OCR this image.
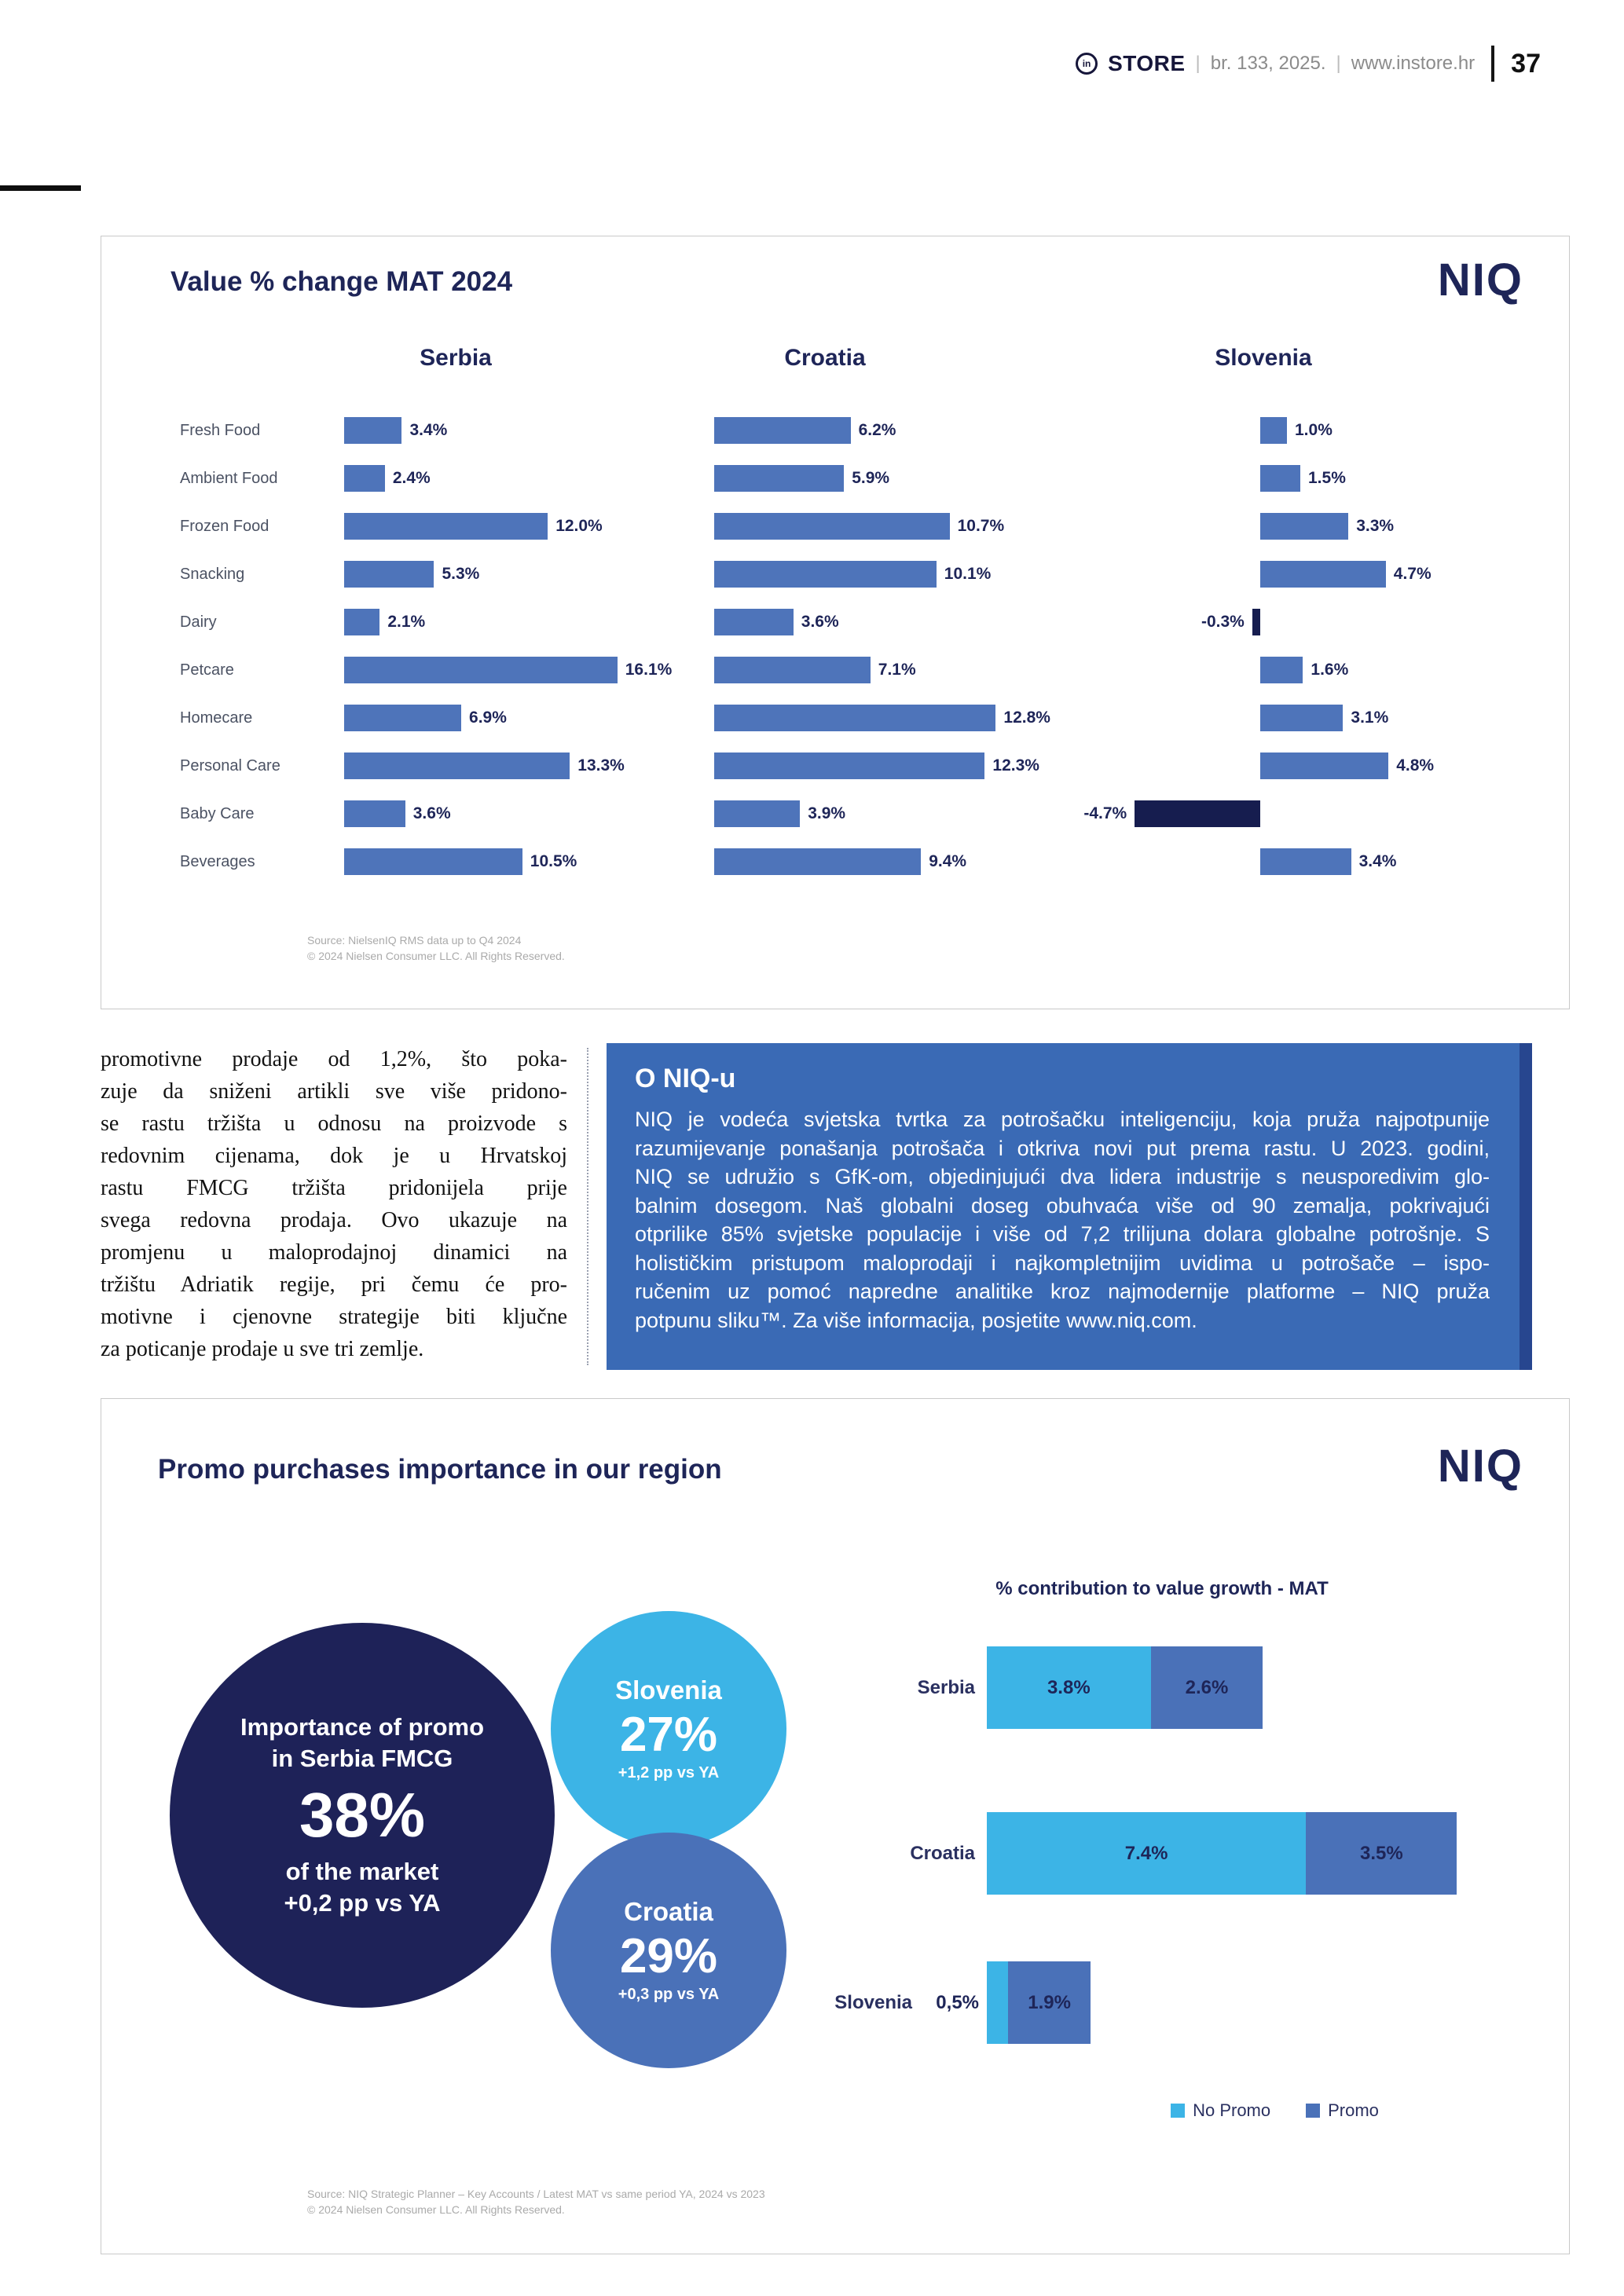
in STORE | br. 133, 2025. | www.instore.hr 37
Value % change MAT 2024	NIQ
Serbia	Croatia	Slovenia
Fresh Food	3.4%	6.2%	1.0%
Ambient Food	2.4%	5.9%	1.5%
Frozen Food	12.0%	10.7%	3.3%
Snacking	5.3%	10.1%	4.7%
Dairy	2.1%	3.6%	-0.3%
Petcare	16.1%	7.1%	1.6%
Homecare	6.9%	12.8%	3.1%
Personal Care	13.3%	12.3%	4.8%
Baby Care	3.6%	3.9%	-4.7%
Beverages	10.5%	9.4%	3.4%
Source: NielsenIQ RMS data up to Q4 2024
© 2024 Nielsen Consumer LLC. All Rights Reserved.
promotivne prodaje od 1,2%, što poka-
zuje da sniženi artikli sve više pridono-
se rastu tržišta u odnosu na proizvode s
redovnim cijenama, dok je u Hrvatskoj
rastu FMCG tržišta pridonijela prije
svega redovna prodaja. Ovo ukazuje na
promjenu u maloprodajnoj dinamici na
tržištu Adriatik regije, pri čemu će pro-
motivne i cjenovne strategije biti ključne
za poticanje prodaje u sve tri zemlje.
O NIQ-u
NIQ je vodeća svjetska tvrtka za potrošačku inteligenciju, koja pruža najpotpunije
razumijevanje ponašanja potrošača i otkriva novi put prema rastu. U 2023. godini,
NIQ se udružio s GfK-om, objedinjujući dva lidera industrije s neusporedivim glo-
balnim dosegom. Naš globalni doseg obuhvaća više od 90 zemalja, pokrivajući
otprilike 85% svjetske populacije i više od 7,2 trilijuna dolara globalne potrošnje. S
holističkim pristupom maloprodaji i najkompletnijim uvidima u potrošače – ispo-
ručenim uz pomoć napredne analitike kroz najmodernije platforme – NIQ pruža
potpunu sliku™. Za više informacija, posjetite www.niq.com.
Promo purchases importance in our region	NIQ
Importance of promo
in Serbia FMCG
38%
of the market
+0,2 pp vs YA
Slovenia
27%
+1,2 pp vs YA
Croatia
29%
+0,3 pp vs YA
% contribution to value growth - MAT
Serbia	3.8%	2.6%
Croatia	7.4%	3.5%
Slovenia	0,5%	1.9%
No Promo	Promo
Source: NIQ Strategic Planner – Key Accounts / Latest MAT vs same period YA, 2024 vs 2023
© 2024 Nielsen Consumer LLC. All Rights Reserved.
